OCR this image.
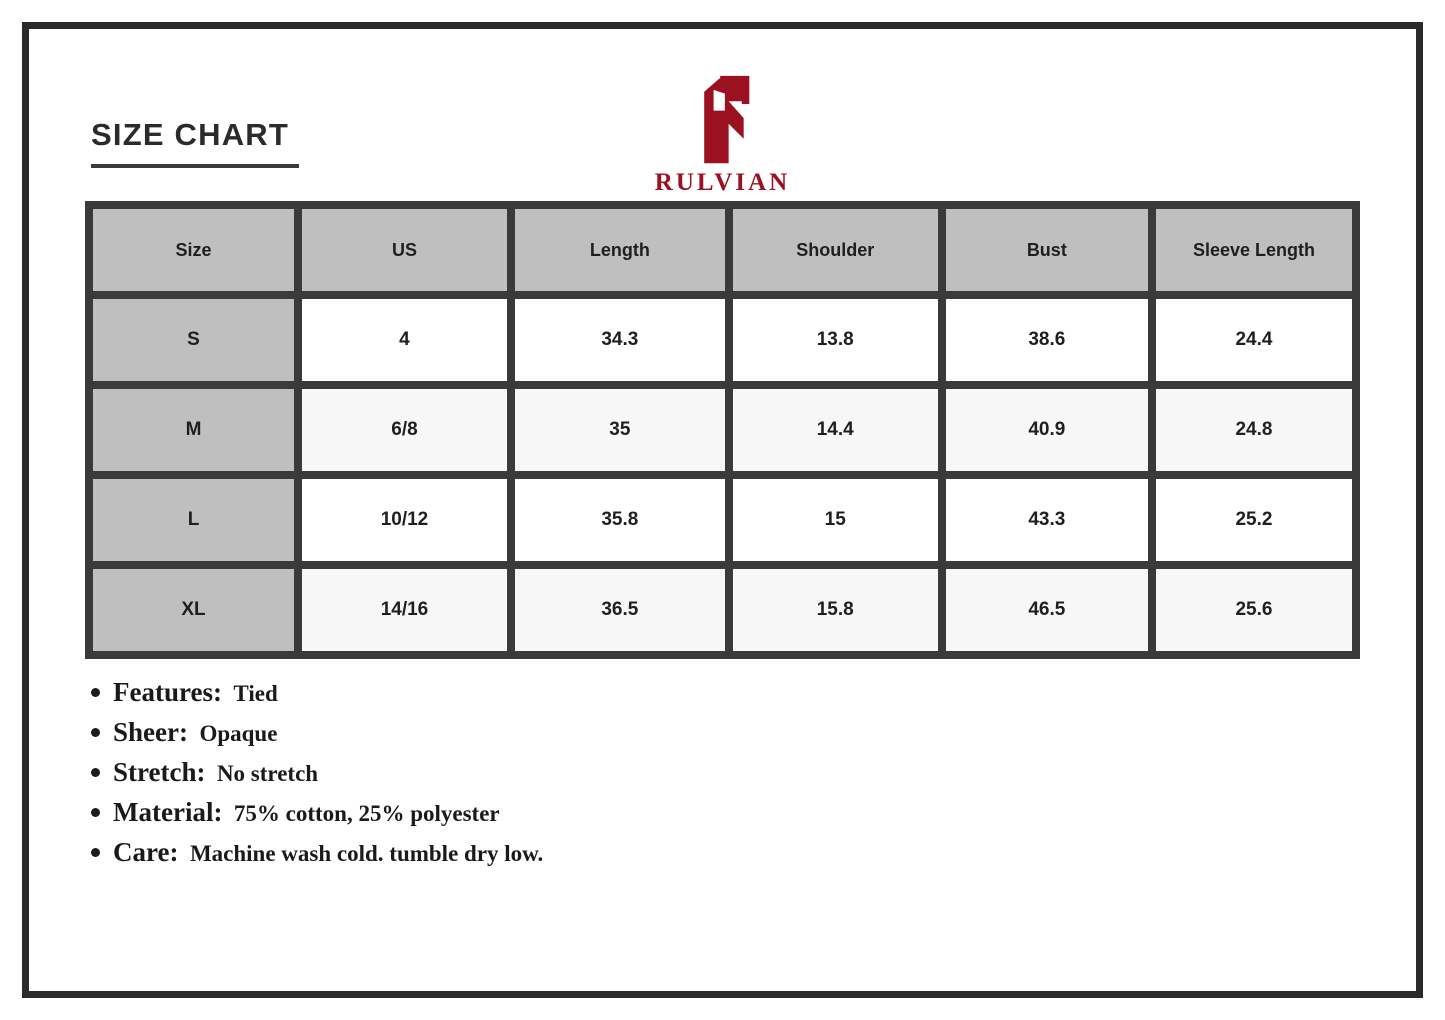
SIZE CHART
RULVIAN
Size	US	Length	Shoulder	Bust	Sleeve Length
S	4	34.3	13.8	38.6	24.4
M	6/8	35	14.4	40.9	24.8
L	10/12	35.8	15	43.3	25.2
XL	14/16	36.5	15.8	46.5	25.6
Features: Tied
Sheer: Opaque
Stretch: No stretch
Material: 75% cotton, 25% polyester
Care: Machine wash cold. tumble dry low.
